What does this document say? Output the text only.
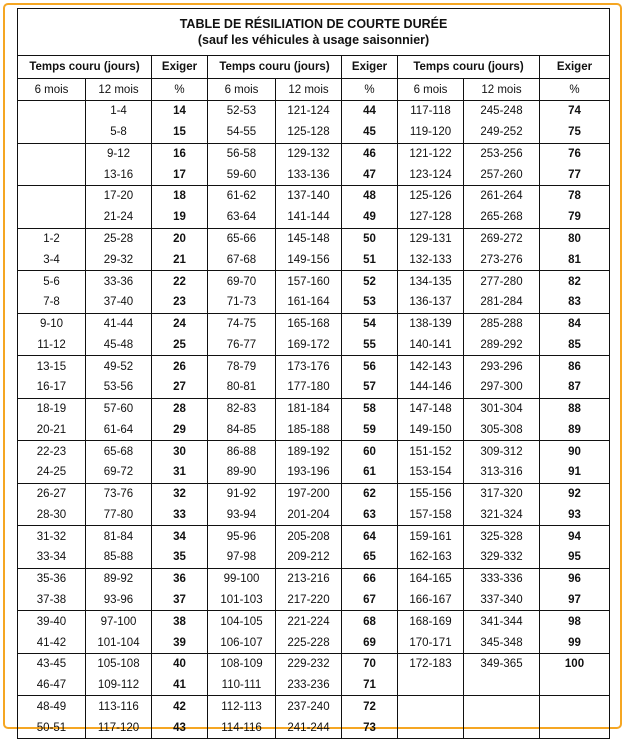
TABLE DE RÉSILIATION DE COURTE DURÉE
(sauf les véhicules à usage saisonnier)								

Temps couru (jours)		Exiger	Temps couru (jours)		Exiger	Temps couru (jours)		Exiger
6 mois	12 mois	%	6 mois	12 mois	%	6 mois	12 mois	%
	1-4	14	52-53	121-124	44	117-118	245-248	74
	5-8	15	54-55	125-128	45	119-120	249-252	75
	9-12	16	56-58	129-132	46	121-122	253-256	76
	13-16	17	59-60	133-136	47	123-124	257-260	77
	17-20	18	61-62	137-140	48	125-126	261-264	78
	21-24	19	63-64	141-144	49	127-128	265-268	79
1-2	25-28	20	65-66	145-148	50	129-131	269-272	80
3-4	29-32	21	67-68	149-156	51	132-133	273-276	81
5-6	33-36	22	69-70	157-160	52	134-135	277-280	82
7-8	37-40	23	71-73	161-164	53	136-137	281-284	83
9-10	41-44	24	74-75	165-168	54	138-139	285-288	84
11-12	45-48	25	76-77	169-172	55	140-141	289-292	85
13-15	49-52	26	78-79	173-176	56	142-143	293-296	86
16-17	53-56	27	80-81	177-180	57	144-146	297-300	87
18-19	57-60	28	82-83	181-184	58	147-148	301-304	88
20-21	61-64	29	84-85	185-188	59	149-150	305-308	89
22-23	65-68	30	86-88	189-192	60	151-152	309-312	90
24-25	69-72	31	89-90	193-196	61	153-154	313-316	91
26-27	73-76	32	91-92	197-200	62	155-156	317-320	92
28-30	77-80	33	93-94	201-204	63	157-158	321-324	93
31-32	81-84	34	95-96	205-208	64	159-161	325-328	94
33-34	85-88	35	97-98	209-212	65	162-163	329-332	95
35-36	89-92	36	99-100	213-216	66	164-165	333-336	96
37-38	93-96	37	101-103	217-220	67	166-167	337-340	97
39-40	97-100	38	104-105	221-224	68	168-169	341-344	98
41-42	101-104	39	106-107	225-228	69	170-171	345-348	99
43-45	105-108	40	108-109	229-232	70	172-183	349-365	100
46-47	109-112	41	110-111	233-236	71			
48-49	113-116	42	112-113	237-240	72			
50-51	117-120	43	114-116	241-244	73			
